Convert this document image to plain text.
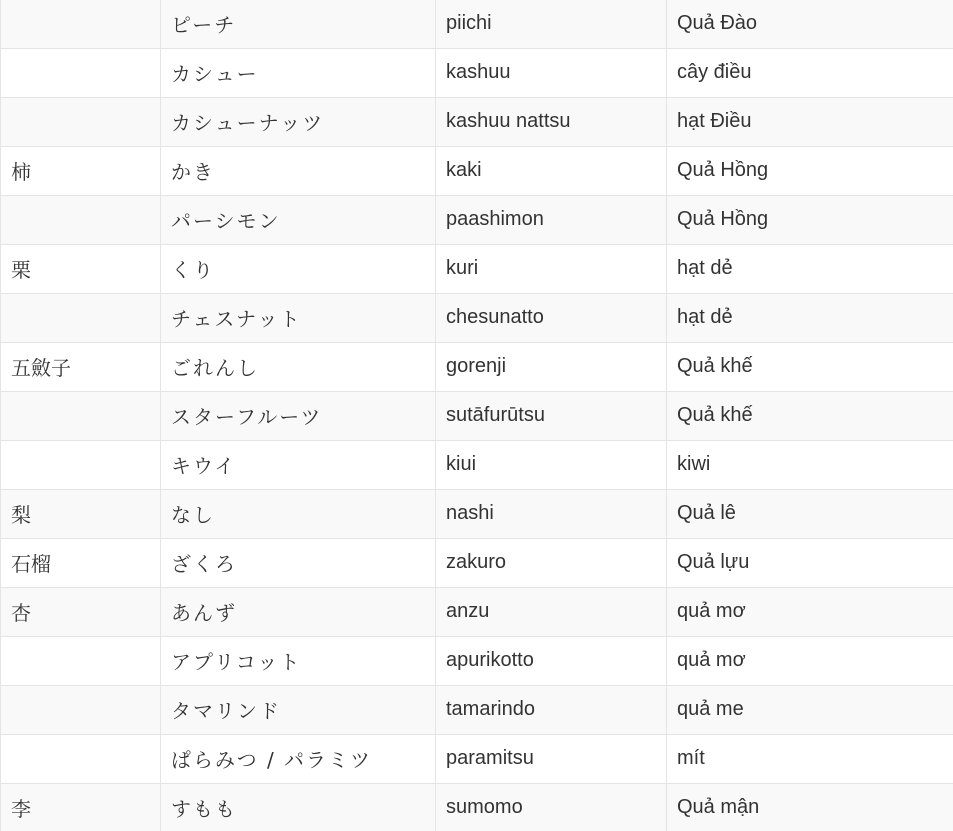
	ピーチ	piichi	Quả Đào
	カシュー	kashuu	cây điều
	カシューナッツ	kashuu nattsu	hạt Điều
柿	かき	kaki	Quả Hồng
	パーシモン	paashimon	Quả Hồng
栗	くり	kuri	hạt dẻ
	チェスナット	chesunatto	hạt dẻ
五斂子	ごれんし	gorenji	Quả khế
	スターフルーツ	sutāfurūtsu	Quả khế
	キウイ	kiui	kiwi
梨	なし	nashi	Quả lê
石榴	ざくろ	zakuro	Quả lựu
杏	あんず	anzu	quả mơ
	アプリコット	apurikotto	quả mơ
	タマリンド	tamarindo	quả me
	ぱらみつ / パラミツ	paramitsu	mít
李	すもも	sumomo	Quả mận
